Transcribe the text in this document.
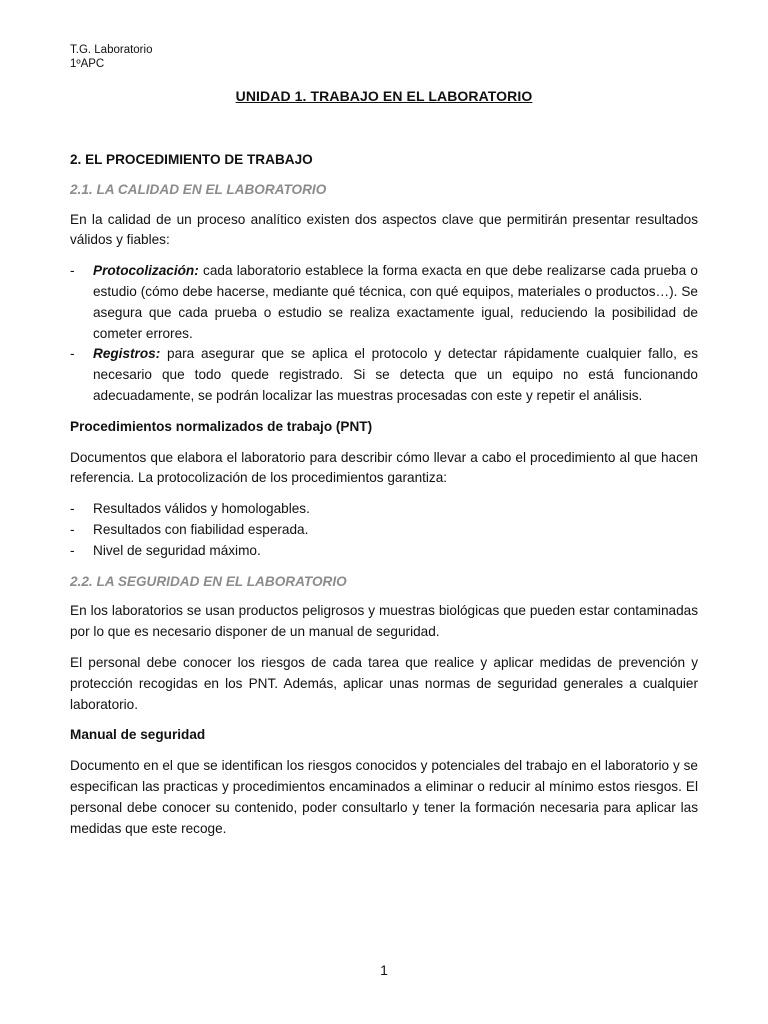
T.G. Laboratorio
1ºAPC
UNIDAD 1. TRABAJO EN EL LABORATORIO
2. EL PROCEDIMIENTO DE TRABAJO
2.1. LA CALIDAD EN EL LABORATORIO

En la calidad de un proceso analítico existen dos aspectos clave que permitirán presentar resultados válidos y fiables:

- Protocolización: cada laboratorio establece la forma exacta en que debe realizarse cada prueba o estudio (cómo debe hacerse, mediante qué técnica, con qué equipos, materiales o productos…). Se asegura que cada prueba o estudio se realiza exactamente igual, reduciendo la posibilidad de cometer errores.
- Registros: para asegurar que se aplica el protocolo y detectar rápidamente cualquier fallo, es necesario que todo quede registrado. Si se detecta que un equipo no está funcionando adecuadamente, se podrán localizar las muestras procesadas con este y repetir el análisis.
Procedimientos normalizados de trabajo (PNT)

Documentos que elabora el laboratorio para describir cómo llevar a cabo el procedimiento al que hacen referencia. La protocolización de los procedimientos garantiza:

- Resultados válidos y homologables.
- Resultados con fiabilidad esperada.
- Nivel de seguridad máximo.
2.2. LA SEGURIDAD EN EL LABORATORIO

En los laboratorios se usan productos peligrosos y muestras biológicas que pueden estar contaminadas por lo que es necesario disponer de un manual de seguridad.

El personal debe conocer los riesgos de cada tarea que realice y aplicar medidas de prevención y protección recogidas en los PNT. Además, aplicar unas normas de seguridad generales a cualquier laboratorio.

Manual de seguridad

Documento en el que se identifican los riesgos conocidos y potenciales del trabajo en el laboratorio y se especifican las practicas y procedimientos encaminados a eliminar o reducir al mínimo estos riesgos. El personal debe conocer su contenido, poder consultarlo y tener la formación necesaria para aplicar las medidas que este recoge.

1
